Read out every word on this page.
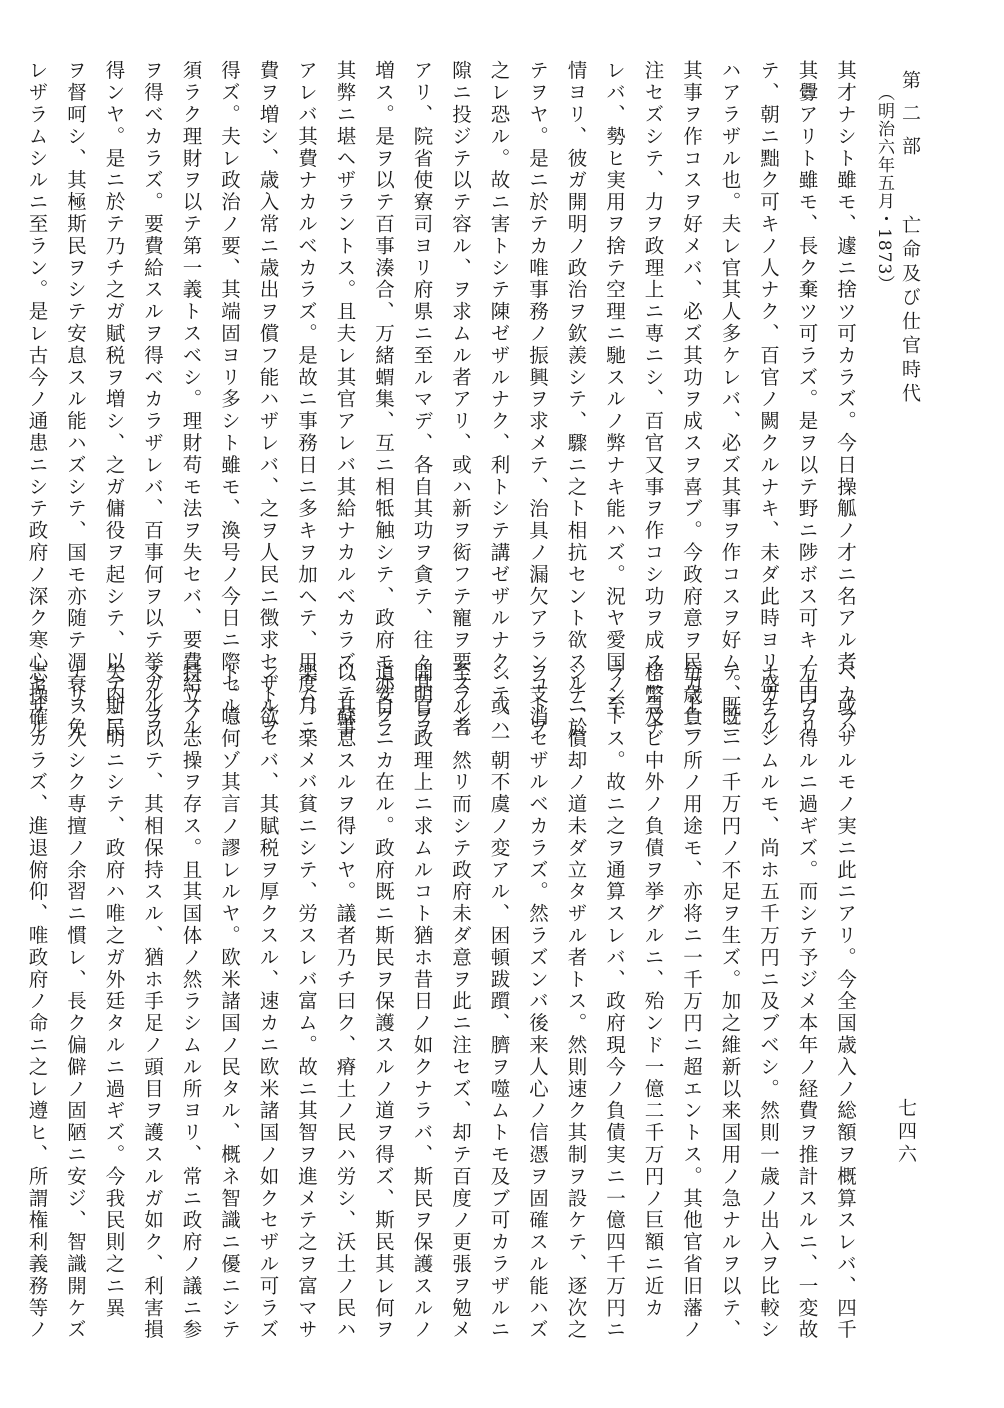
第二部 亡命及び仕官時代 （明治六年五月・1873）
七四六
其才ナシト雖モ、遽ニ捨ツ可カラズ。今日操觚ノ才ニ名アル者、或ハ
其釁アリト雖モ、長ク棄ツ可ラズ。是ヲ以テ野ニ陟ボス可キノ士アリ
テ、朝ニ黜ク可キノ人ナク、百官ノ闕クルナキ、未ダ此時ヨリ盛ナル
ハアラザル也。夫レ官其人多ケレバ、必ズ其事ヲ作コスヲ好ム。既ニ
其事ヲ作コスヲ好メバ、必ズ其功ヲ成スヲ喜ブ。今政府意ヲ民力上ニ
注セズシテ、力ヲ政理上ニ専ニシ、百官又事ヲ作コシ功ヲ成スニ急ナ
レバ、勢ヒ実用ヲ捨テ空理ニ馳スルノ弊ナキ能ハズ。況ヤ愛国ノ至
情ヨリ、彼ガ開明ノ政治ヲ欽羨シテ、驟ニ之ト相抗セント欲スルニ於
テヲヤ。是ニ於テカ唯事務ノ振興ヲ求メテ、治具ノ漏欠アランコトヲ
之レ恐ル。故ニ害トシテ陳ゼザルナク、利トシテ講ゼザルナク、或ハ
隙ニ投ジテ以テ容ル、ヲ求ムル者アリ、或ハ新ヲ衒フテ寵ヲ要スル者
アリ、院省使寮司ヨリ府県ニ至ルマデ、各自其功ヲ貪テ、往々其官ヲ
増ス。是ヲ以テ百事湊合、万緒蝟集、互ニ相牴触シテ、政府モ亦自ラ
其弊ニ堪ヘザラントス。且夫レ其官アレバ其給ナカルベカラズ。其事
アレバ其費ナカルベカラズ。是故ニ事務日ニ多キヲ加ヘテ、用度月ニ
費ヲ増シ、歳入常ニ歳出ヲ償フ能ハザレバ、之ヲ人民ニ徴求セザルヲ
得ズ。夫レ政治ノ要、其端固ヨリ多シト雖モ、渙号ノ今日ニ際セル、
須ラク理財ヲ以テ第一義トスベシ。理財苟モ法ヲ失セバ、要費給スル
ヲ得ベカラズ。要費給スルヲ得ベカラザレバ、百事何ヲ以テ挙ガルヲ
得ンヤ。是ニ於テ乃チ之ガ賦税ヲ増シ、之ガ傭役ヲ起シテ、以テ斯民
ヲ督呵シ、其極斯民ヲシテ安息スル能ハズシテ、国モ亦随テ凋衰ヲ免
レザラムシルニ至ラン。是レ古今ノ通患ニシテ政府ノ深ク寒心セザル
ベカラザルモノ実ニ此ニアリ。今全国歳入ノ総額ヲ概算スレバ、四千
万円ヲ得ルニ過ギズ。而シテ予ジメ本年ノ経費ヲ推計スルニ、一変故
ナカラシムルモ、尚ホ五千万円ニ及ブベシ。然則一歳ノ出入ヲ比較シ
テ、既ニ一千万円ノ不足ヲ生ズ。加之維新以来国用ノ急ナルヲ以テ、
毎歳負フ所ノ用途モ、亦将ニ一千万円ニ超エントス。其他官省旧藩ノ
楮幣及ビ中外ノ負債ヲ挙グルニ、殆ンド一億二千万円ノ巨額ニ近カ
ラントス。故ニ之ヲ通算スレバ、政府現今ノ負債実ニ一億四千万円ニ
シテ、償却ノ道未ダ立タザル者トス。然則速ク其制ヲ設ケテ、逐次之
ヲ支消セザルベカラズ。然ラズンバ後来人心ノ信憑ヲ固確スル能ハズ
シテ、一朝不虞ノ変アル、困頓跋躓、臍ヲ噬ムトモ及ブ可カラザルニ
至ラン。然リ而シテ政府未ダ意ヲ此ニ注セズ、却テ百度ノ更張ヲ勉メ
開明ヲ政理上ニ求ムルコト猶ホ昔日ノ如クナラバ、斯民ヲ保護スルノ
道安クニカ在ル。政府既ニ斯民ヲ保護スルノ道ヲ得ズ、斯民其レ何ヲ
以テ蘇息スルヲ得ンヤ。議者乃チ曰ク、瘠土ノ民ハ労シ、沃土ノ民ハ
楽ム。楽メバ貧ニシテ、労スレバ富ム。故ニ其智ヲ進メテ之ヲ富マサ
ント欲セバ、其賦税ヲ厚クスル、速カニ欧米諸国ノ如クセザル可ラズ
ト。噫何ゾ其言ノ謬レルヤ。欧米諸国ノ民タル、概ネ智識ニ優ニシテ
特立ノ志操ヲ存ス。且其国体ノ然ラシムル所ヨリ、常ニ政府ノ議ニ参
スルヲ以テ、其相保持スル、猶ホ手足ノ頭目ヲ護スルガ如ク、利害損
失内ニ明ニシテ、政府ハ唯之ガ外廷タルニ過ギズ。今我民則之ニ異
ナリ、久シク専擅ノ余習ニ慣レ、長ク偏僻ノ固陋ニ安ジ、智識開ケズ
志操確カラズ、進退俯仰、唯政府ノ命ニ之レ遵ヒ、所謂権利義務等ノ
